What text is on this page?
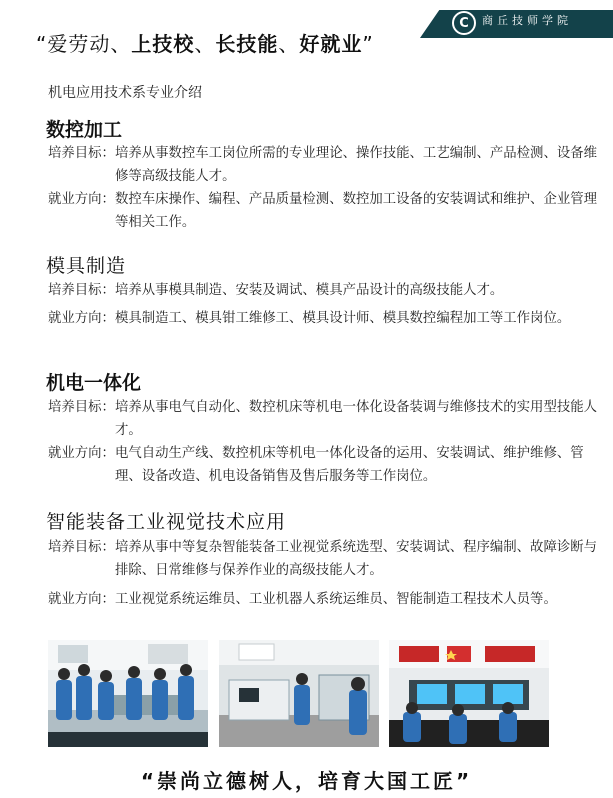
“爱劳动、上技校、长技能、好就业”
C	商丘技师学院
shangqiujishixueyuan
机电应用技术系专业介绍
数控加工
培养目标： 培养从事数控车工岗位所需的专业理论、操作技能、工艺编制、产品检测、设备维修等高级技能人才。
就业方向： 数控车床操作、编程、产品质量检测、数控加工设备的安装调试和维护、企业管理等相关工作。
模具制造
培养目标： 培养从事模具制造、安装及调试、模具产品设计的高级技能人才。
就业方向： 模具制造工、模具钳工维修工、模具设计师、模具数控编程加工等工作岗位。
机电一体化
培养目标： 培养从事电气自动化、数控机床等机电一体化设备装调与维修技术的实用型技能人才。
就业方向： 电气自动生产线、数控机床等机电一体化设备的运用、安装调试、维护维修、管理、设备改造、机电设备销售及售后服务等工作岗位。
智能装备工业视觉技术应用
培养目标： 培养从事中等复杂智能装备工业视觉系统选型、安装调试、程序编制、故障诊断与排除、日常维修与保养作业的高级技能人才。
就业方向： 工业视觉系统运维员、工业机器人系统运维员、智能制造工程技术人员等。
“崇尚立德树人，培育大国工匠”
